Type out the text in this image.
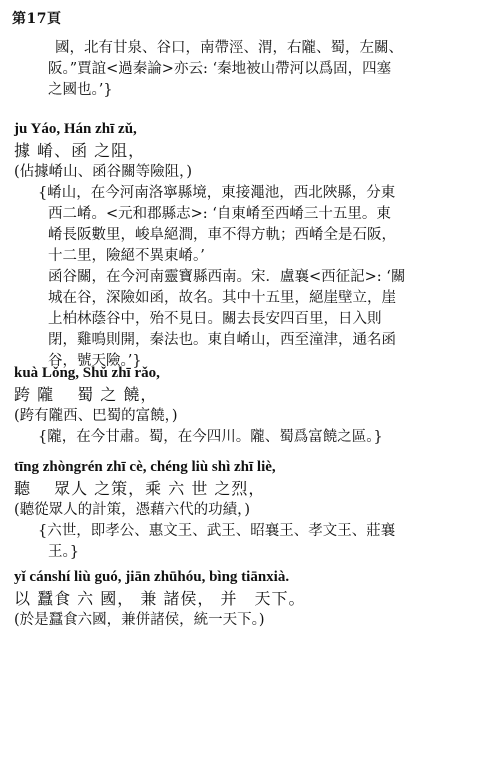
第17頁
國，北有甘泉、谷口，南帶涇、渭，右隴、蜀，左關、
阪。”賈誼<過秦論>亦云: ‘秦地被山帶河以爲固，四塞
之國也。’}
ju Yáo, Hán zhī zǔ,
據 崤、函 之阻，
(佔據崤山、函谷關等險阻，)
{崤山，在今河南洛寧縣境，東接澠池，西北陜縣，分東
西二崤。<元和郡縣志>: ‘自東崤至西崤三十五里。東
崤長阪數里，峻阜絕澗，車不得方軌；西崤全是石阪，
十二里，險絕不異東崤。’
函谷關，在今河南靈寶縣西南。宋．盧襄<西征記>: ‘關
城在谷，深險如函，故名。其中十五里，絕崖壁立，崖
上柏林蔭谷中，殆不見日。關去長安四百里，日入則
閉，雞鳴則開，秦法也。東自崤山，西至潼津，通名函
谷，號天險。’}
kuà Lǒng, Shǔ zhī rǎo,
跨 隴　 蜀 之 饒，
(跨有隴西、巴蜀的富饒，)
{隴，在今甘肅。蜀，在今四川。隴、蜀爲富饒之區。}
tīng zhòngrén zhī cè, chéng liù shì zhī liè,
聽　 眾人 之策，乘 六 世 之烈，
(聽從眾人的計策，憑藉六代的功績，)
{六世，即孝公、惠文王、武王、昭襄王、孝文王、莊襄
王。}
yǐ cánshí liù guó, jiān zhūhóu, bìng tiānxià.
以 蠶食 六 國， 兼 諸侯， 并　天下。
(於是蠶食六國，兼併諸侯，統一天下。)
